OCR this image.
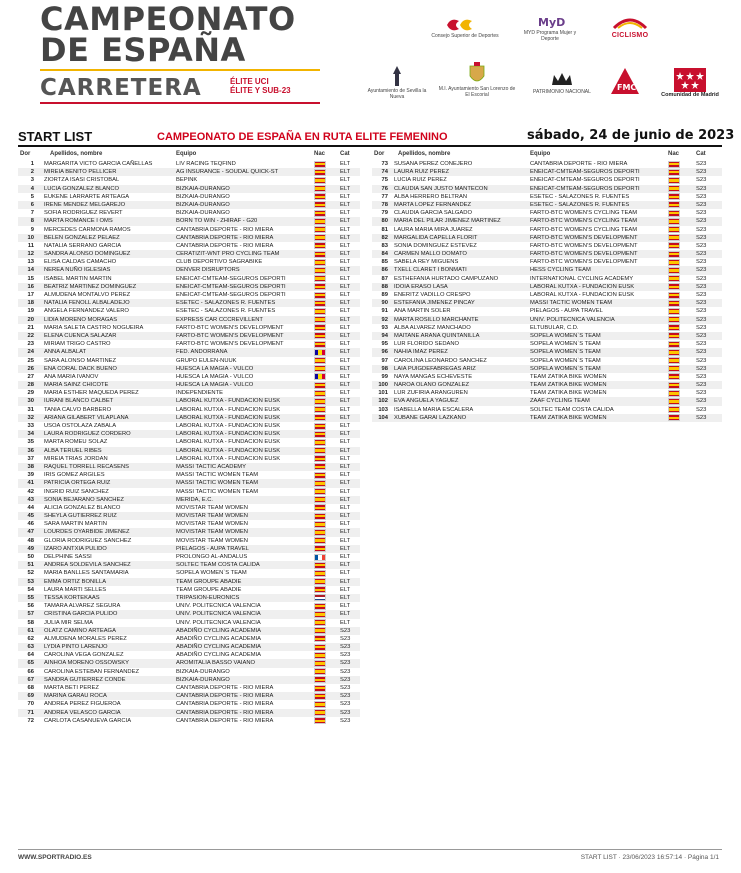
CAMPEONATO
DE ESPAÑA
CARRETERA	ÉLITE UCI
ÉLITE Y SUB-23
Consejo Superior de Deportes
MyD
MYD Programa Mujer y Deporte
CICLISMO
Ayuntamiento de Sevilla la Nueva
M.I. Ayuntamiento San Lorenzo de El Escorial	PATRIMONIO NACIONAL	FMC
Comunidad de Madrid
START LIST	CAMPEONATO DE ESPAÑA EN RUTA ELITE FEMENINO	sábado, 24 de junio de 2023
Dor	Apellidos, nombre	Equipo	Nac Cat
1 MARGARITA VICTO GARCIA CAÑELLAS	LIV RACING TEQFIND	ELT
2 MIREIA BENITO PELLICER	AG INSURANCE - SOUDAL QUICK-ST	ELT
3 ZIORTZA ISASI CRISTOBAL	BEPINK	ELT
4 LUCIA GONZALEZ BLANCO	BIZKAIA-DURANGO	ELT
5 EUKENE LARRARTE ARTEAGA	BIZKAIA-DURANGO	ELT
6 IRENE MENDEZ MELGAREJO	BIZKAIA-DURANGO	ELT
7 SOFIA RODRIGUEZ REVERT	BIZKAIA-DURANGO	ELT
8 MARTA ROMANCE I OMS	BORN TO WIN - ZHIRAF - G20	ELT
9 MERCEDES CARMONA RAMOS	CANTABRIA DEPORTE - RIO MIERA	ELT
10 BELEN GONZALEZ PELAEZ	CANTABRIA DEPORTE - RIO MIERA	ELT
11 NATALIA SERRANO GARCIA	CANTABRIA DEPORTE - RIO MIERA	ELT
12 SANDRA ALONSO DOMINGUEZ	CERATIZIT-WNT PRO CYCLING TEAM	ELT
13 ELISA CALDAS CAMACHO	CLUB DEPORTIVO SAGRABIKE	ELT
14 NEREA NUÑO IGLESIAS	DENVER DISRUPTORS	ELT
15 ISABEL MARTIN MARTIN	ENEICAT-CMTEAM-SEGUROS DEPORTI	ELT
16 BEATRIZ MARTINEZ DOMINGUEZ	ENEICAT-CMTEAM-SEGUROS DEPORTI	ELT
17 ALMUDENA MONTALVO PEREZ	ENEICAT-CMTEAM-SEGUROS DEPORTI	ELT
18 NATALIA FENOLL ALBALADEJO	ESETEC - SALAZONES R. FUENTES	ELT
19 ANGELA FERNANDEZ VALERO	ESETEC - SALAZONES R. FUENTES	ELT
20 LIDIA MORENO MORAGAS	EXPRESS CAR CCCREVILLENT	ELT
21 MARIA SALETA CASTRO NOGUEIRA	FARTO-BTC WOMEN'S DEVELOPMENT	ELT
22 ELENA CUENCA SALAZAR	FARTO-BTC WOMEN'S DEVELOPMENT	ELT
23 MIRIAM TRIGO CASTRO	FARTO-BTC WOMEN'S DEVELOPMENT	ELT
24 ANNA ALBALAT	FED. ANDORRANA	ELT
25 SARA ALONSO MARTINEZ	GRUPO EULEN-NUUK	ELT
26 ENA CORAL DACK BUENO	HUESCA LA MAGIA - VULCO	ELT
27 ANA MARIA IVANOV	HUESCA LA MAGIA - VULCO	ELT
28 MARIA SAINZ CHICOTE	HUESCA LA MAGIA - VULCO	ELT
29 MARIA ESTHER MAQUEDA PEREZ	INDEPENDIENTE	ELT
30 IURANI BLANCO CALBET	LABORAL KUTXA - FUNDACION EUSK	ELT
31 TANIA CALVO BARBERO	LABORAL KUTXA - FUNDACION EUSK	ELT
32 ARIANA GILABERT VILAPLANA	LABORAL KUTXA - FUNDACION EUSK	ELT
33 USOA OSTOLAZA ZABALA	LABORAL KUTXA - FUNDACION EUSK	ELT
34 LAURA RODRIGUEZ CORDERO	LABORAL KUTXA - FUNDACION EUSK	ELT
35 MARTA ROMEU SOLAZ	LABORAL KUTXA - FUNDACION EUSK	ELT
36 ALBA TERUEL RIBES	LABORAL KUTXA - FUNDACION EUSK	ELT
37 MIREIA TRIAS JORDAN	LABORAL KUTXA - FUNDACION EUSK	ELT
38 RAQUEL TORRELL RECASENS	MASSI TACTIC ACADEMY	ELT
39 IRIS GOMEZ ARGILES	MASSI TACTIC WOMEN TEAM	ELT
41 PATRICIA ORTEGA RUIZ	MASSI TACTIC WOMEN TEAM	ELT
42 INGRID RUIZ SANCHEZ	MASSI TACTIC WOMEN TEAM	ELT
43 SONIA BEJARANO SANCHEZ	MERIDA, E.C.	ELT
44 ALICIA GONZALEZ BLANCO	MOVISTAR TEAM WOMEN	ELT
45 SHEYLA GUTIERREZ RUIZ	MOVISTAR TEAM WOMEN	ELT
46 SARA MARTIN MARTIN	MOVISTAR TEAM WOMEN	ELT
47 LOURDES OYARBIDE JIMENEZ	MOVISTAR TEAM WOMEN	ELT
48 GLORIA RODRIGUEZ SANCHEZ	MOVISTAR TEAM WOMEN	ELT
49 IZARO ANTXIA PULIDO	PIELAGOS - AUPA TRAVEL	ELT
50 DELPHINE SASSI	PROLONGO AL-ANDALUS	ELT
51 ANDREA SOLDEVILA SANCHEZ	SOLTEC TEAM COSTA CALIDA	ELT
52 MARIA BANLLES SANTAMARIA	SOPELA WOMEN`S TEAM	ELT
53 EMMA ORTIZ BONILLA	TEAM GROUPE ABADIE	ELT
54 LAURA MARTI SELLES	TEAM GROUPE ABADIE	ELT
55 TESSA KORTEKAAS	TRIPASION-EURONICS	ELT
56 TAMARA ALVAREZ SEGURA	UNIV. POLITECNICA VALENCIA	ELT
57 CRISTINA GARCIA PULIDO	UNIV. POLITECNICA VALENCIA	ELT
58 JULIA MIR SELMA	UNIV. POLITECNICA VALENCIA	ELT
61 OLATZ CAMINO ARTEAGA	ABADIÑO CYCLING ACADEMIA	S23
62 ALMUDENA MORALES PEREZ	ABADIÑO CYCLING ACADEMIA	S23
63 LYDIA PINTO LARENJO	ABADIÑO CYCLING ACADEMIA	S23
64 CAROLINA VEGA GONZALEZ	ABADIÑO CYCLING ACADEMIA	S23
65 AINHOA MORENO OSSOWSKY	AROMITALIA BASSO VAIANO	S23
66 CAROLINA ESTEBAN FERNANDEZ	BIZKAIA-DURANGO	S23
67 SANDRA GUTIERREZ CONDE	BIZKAIA-DURANGO	S23
68 MARTA BETI PEREZ	CANTABRIA DEPORTE - RIO MIERA	S23
69 MARINA GARAU ROCA	CANTABRIA DEPORTE - RIO MIERA	S23
70 ANDREA PEREZ FIGUEROA	CANTABRIA DEPORTE - RIO MIERA	S23
71 ANDREA VELASCO GARCIA	CANTABRIA DEPORTE - RIO MIERA	S23
72 CARLOTA CASANUEVA GARCIA	CANTABRIA DEPORTE - RIO MIERA	S23
Dor Apellidos, nombre	Equipo	Nac	Cat
73 SUSANA PEREZ CONEJERO	CANTABRIA DEPORTE - RIO MIERA	S23
74 LAURA RUIZ PEREZ	ENEICAT-CMTEAM-SEGUROS DEPORTI	S23
75 LUCIA RUIZ PEREZ	ENEICAT-CMTEAM-SEGUROS DEPORTI	S23
76 CLAUDIA SAN JUSTO MANTECON	ENEICAT-CMTEAM-SEGUROS DEPORTI	S23
77 ALBA HERRERO BELTRAN	ESETEC - SALAZONES R. FUENTES	S23
78 MARTA LOPEZ FERNANDEZ	ESETEC - SALAZONES R. FUENTES	S23
79 CLAUDIA GARCIA SALGADO	FARTO-BTC WOMEN'S CYCLING TEAM	S23
80 MARIA DEL PILAR JIMENEZ MARTINEZ	FARTO-BTC WOMEN'S CYCLING TEAM	S23
81 LAURA MARIA MIRA JUAREZ	FARTO-BTC WOMEN'S CYCLING TEAM	S23
82 MARGALIDA CAPELLA FLORIT	FARTO-BTC WOMEN'S DEVELOPMENT	S23
83 SONIA DOMINGUEZ ESTEVEZ	FARTO-BTC WOMEN'S DEVELOPMENT	S23
84 CARMEN MALLO DOMATO	FARTO-BTC WOMEN'S DEVELOPMENT	S23
85 SABELA REY MIGUENS	FARTO-BTC WOMEN'S DEVELOPMENT	S23
86 TXELL CLARET I BONMATI	HESS CYCLING TEAM	S23
87 ESTHEFANIA HURTADO CAMPUZANO	INTERNATIONAL CYCLING ACADEMY	S23
88 IDOIA ERASO LASA	LABORAL KUTXA - FUNDACION EUSK	S23
89 ENERITZ VADILLO CRESPO	LABORAL KUTXA - FUNDACION EUSK	S23
90 ESTEFANIA JIMENEZ PINCAY	MASSI TACTIC WOMEN TEAM	S23
91 ANA MARTIN SOLER	PIELAGOS - AUPA TRAVEL	S23
92 MARTA ROSILLO MARCHANTE	UNIV. POLITECNICA VALENCIA	S23
93 ALBA ALVAREZ MANCHADO	ELTUBULAR, C.D.	S23
94 MAITANE ARANA QUINTANILLA	SOPELA WOMEN`S TEAM	S23
95 LUR FLORIDO SEDANO	SOPELA WOMEN`S TEAM	S23
96 NAHIA IMAZ PEREZ	SOPELA WOMEN`S TEAM	S23
97 CAROLINA LEONARDO SANCHEZ	SOPELA WOMEN`S TEAM	S23
98 LAIA PUIGDEFABREGAS ARIZ	SOPELA WOMEN`S TEAM	S23
99 NAYA MANGAS ECHEVESTE	TEAM ZATIKA BIKE WOMEN	S23
100 NAROA OLANO GONZALEZ	TEAM ZATIKA BIKE WOMEN	S23
101 LUR ZUFIRIA ARANGUREN	TEAM ZATIKA BIKE WOMEN	S23
102 EVA ANGUELA YAGUEZ	ZAAF CYCLING TEAM	S23
103 ISABELLA MARIA ESCALERA	SOLTEC TEAM COSTA CALIDA	S23
104 XUBANE GARAI LAZKANO	TEAM ZATIKA BIKE WOMEN	S23
WWW.SPORTRADIO.ES	START LIST · 23/06/2023 16:57:14 · Página 1/1
